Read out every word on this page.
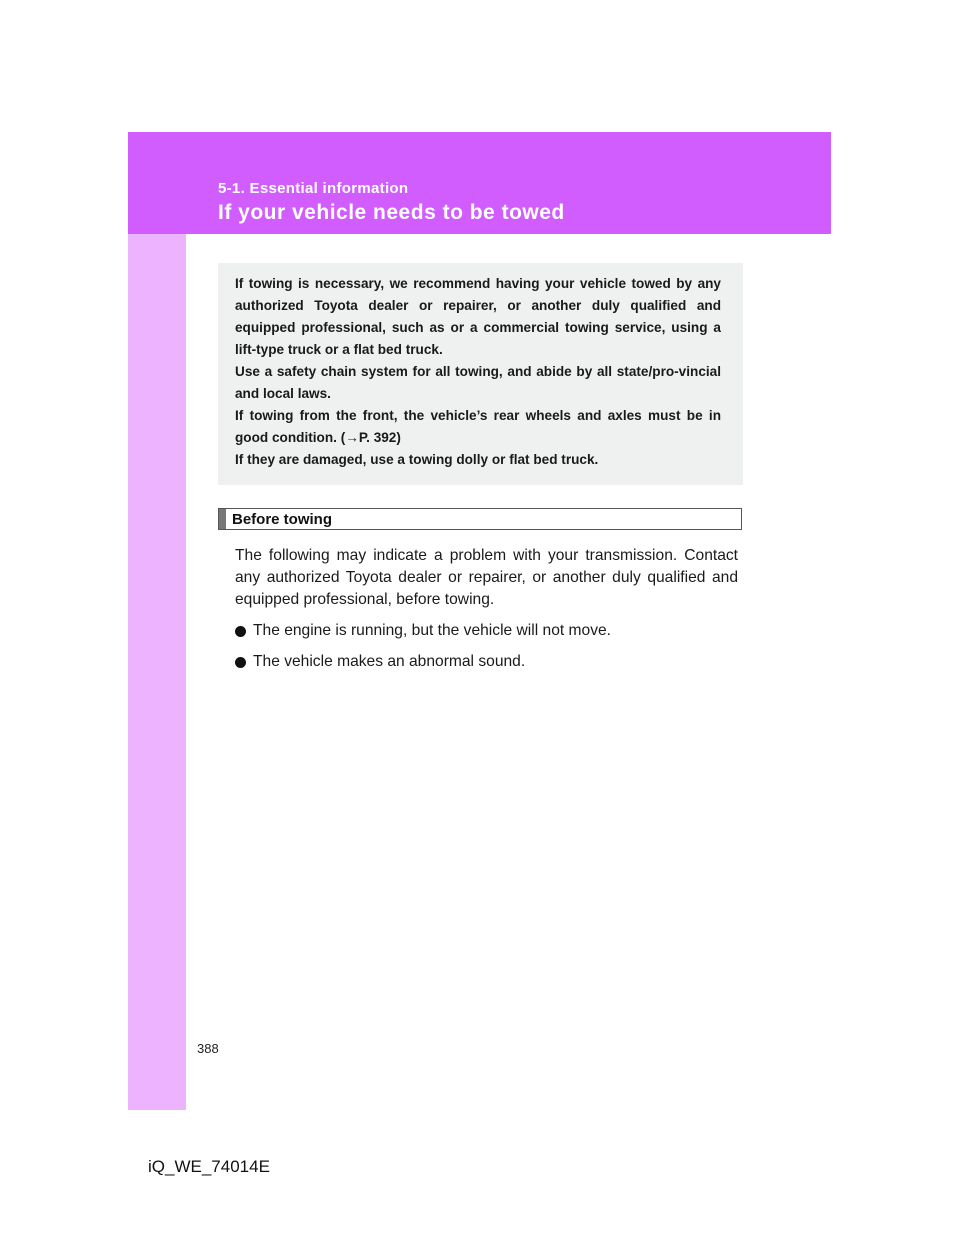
5-1. Essential information
If your vehicle needs to be towed

If towing is necessary, we recommend having your vehicle towed by any authorized Toyota dealer or repairer, or another duly qualified and equipped professional, such as or a commercial towing service, using a lift-type truck or a flat bed truck.

Use a safety chain system for all towing, and abide by all state/pro-vincial and local laws.

If towing from the front, the vehicle’s rear wheels and axles must be in good condition. (→P. 392)

If they are damaged, use a towing dolly or flat bed truck.

Before towing

The following may indicate a problem with your transmission. Contact any authorized Toyota dealer or repairer, or another duly qualified and equipped professional, before towing.

The engine is running, but the vehicle will not move.
The vehicle makes an abnormal sound.
388
iQ_WE_74014E
